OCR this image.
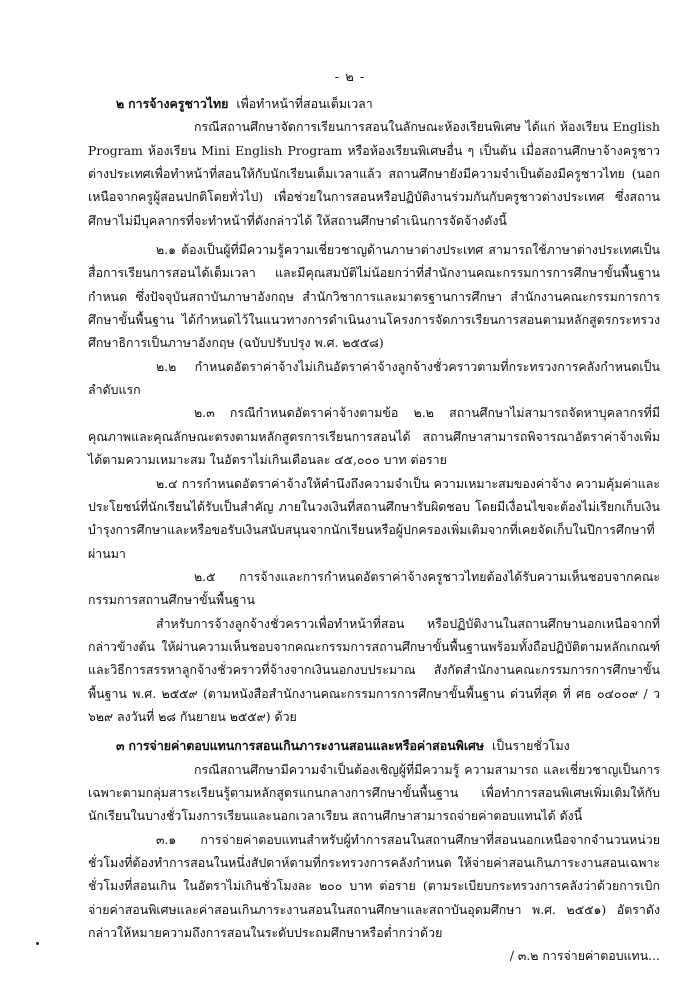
- ๒ -

๒ การจ้างครูชาวไทย เพื่อทำหน้าที่สอนเต็มเวลา

กรณีสถานศึกษาจัดการเรียนการสอนในลักษณะห้องเรียนพิเศษ ได้แก่ ห้องเรียน English Program ห้องเรียน Mini English Program หรือห้องเรียนพิเศษอื่น ๆ เป็นต้น เมื่อสถานศึกษาจ้างครูชาวต่างประเทศเพื่อทำหน้าที่สอนให้กับนักเรียนเต็มเวลาแล้ว สถานศึกษายังมีความจำเป็นต้องมีครูชาวไทย (นอกเหนือจากครูผู้สอนปกติโดยทั่วไป) เพื่อช่วยในการสอนหรือปฏิบัติงานร่วมกันกับครูชาวต่างประเทศ ซึ่งสถานศึกษาไม่มีบุคลากรที่จะทำหน้าที่ดังกล่าวได้ ให้สถานศึกษาดำเนินการจัดจ้างดังนี้

๒.๑ ต้องเป็นผู้ที่มีความรู้ความเชี่ยวชาญด้านภาษาต่างประเทศ สามารถใช้ภาษาต่างประเทศเป็นสื่อการเรียนการสอนได้เต็มเวลา และมีคุณสมบัติไม่น้อยกว่าที่สำนักงานคณะกรรมการการศึกษาขั้นพื้นฐานกำหนด ซึ่งปัจจุบันสถาบันภาษาอังกฤษ สำนักวิชาการและมาตรฐานการศึกษา สำนักงานคณะกรรมการการศึกษาขั้นพื้นฐาน ได้กำหนดไว้ในแนวทางการดำเนินงานโครงการจัดการเรียนการสอนตามหลักสูตรกระทรวงศึกษาธิการเป็นภาษาอังกฤษ (ฉบับปรับปรุง พ.ศ. ๒๕๕๘)

๒.๒ กำหนดอัตราค่าจ้างไม่เกินอัตราค่าจ้างลูกจ้างชั่วคราวตามที่กระทรวงการคลังกำหนดเป็นลำดับแรก

๒.๓ กรณีกำหนดอัตราค่าจ้างตามข้อ ๒.๒ สถานศึกษาไม่สามารถจัดหาบุคลากรที่มีคุณภาพและคุณลักษณะตรงตามหลักสูตรการเรียนการสอนได้ สถานศึกษาสามารถพิจารณาอัตราค่าจ้างเพิ่มได้ตามความเหมาะสม ในอัตราไม่เกินเดือนละ ๔๕,๐๐๐ บาท ต่อราย

๒.๔ การกำหนดอัตราค่าจ้างให้คำนึงถึงความจำเป็น ความเหมาะสมของค่าจ้าง ความคุ้มค่าและประโยชน์ที่นักเรียนได้รับเป็นสำคัญ ภายในวงเงินที่สถานศึกษารับผิดชอบ โดยมีเงื่อนไขจะต้องไม่เรียกเก็บเงินบำรุงการศึกษาและหรือขอรับเงินสนับสนุนจากนักเรียนหรือผู้ปกครองเพิ่มเติมจากที่เคยจัดเก็บในปีการศึกษาที่ผ่านมา

๒.๕ การจ้างและการกำหนดอัตราค่าจ้างครูชาวไทยต้องได้รับความเห็นชอบจากคณะกรรมการสถานศึกษาขั้นพื้นฐาน

สำหรับการจ้างลูกจ้างชั่วคราวเพื่อทำหน้าที่สอน หรือปฏิบัติงานในสถานศึกษานอกเหนือจากที่กล่าวข้างต้น ให้ผ่านความเห็นชอบจากคณะกรรมการสถานศึกษาขั้นพื้นฐานพร้อมทั้งถือปฏิบัติตามหลักเกณฑ์และวิธีการสรรหาลูกจ้างชั่วคราวที่จ้างจากเงินนอกงบประมาณ สังกัดสำนักงานคณะกรรมการการศึกษาขั้นพื้นฐาน พ.ศ. ๒๕๕๙ (ตามหนังสือสำนักงานคณะกรรมการการศึกษาขั้นพื้นฐาน ด่วนที่สุด ที่ ศธ ๐๔๐๐๙ / ว ๖๒๙ ลงวันที่ ๒๘ กันยายน ๒๕๕๙) ด้วย

๓ การจ่ายค่าตอบแทนการสอนเกินภาระงานสอนและหรือค่าสอนพิเศษ เป็นรายชั่วโมง

กรณีสถานศึกษามีความจำเป็นต้องเชิญผู้ที่มีความรู้ ความสามารถ และเชี่ยวชาญเป็นการเฉพาะตามกลุ่มสาระเรียนรู้ตามหลักสูตรแกนกลางการศึกษาขั้นพื้นฐาน เพื่อทำการสอนพิเศษเพิ่มเติมให้กับนักเรียนในบางชั่วโมงการเรียนและนอกเวลาเรียน สถานศึกษาสามารถจ่ายค่าตอบแทนได้ ดังนี้

๓.๑ การจ่ายค่าตอบแทนสำหรับผู้ทำการสอนในสถานศึกษาที่สอนนอกเหนือจากจำนวนหน่วยชั่วโมงที่ต้องทำการสอนในหนึ่งสัปดาห์ตามที่กระทรวงการคลังกำหนด ให้จ่ายค่าสอนเกินภาระงานสอนเฉพาะชั่วโมงที่สอนเกิน ในอัตราไม่เกินชั่วโมงละ ๒๐๐ บาท ต่อราย (ตามระเบียบกระทรวงการคลังว่าด้วยการเบิกจ่ายค่าสอนพิเศษและค่าสอนเกินภาระงานสอนในสถานศึกษาและสถาบันอุดมศึกษา พ.ศ. ๒๕๕๑) อัตราดังกล่าวให้หมายความถึงการสอนในระดับประถมศึกษาหรือต่ำกว่าด้วย

/ ๓.๒ การจ่ายค่าตอบแทน...
